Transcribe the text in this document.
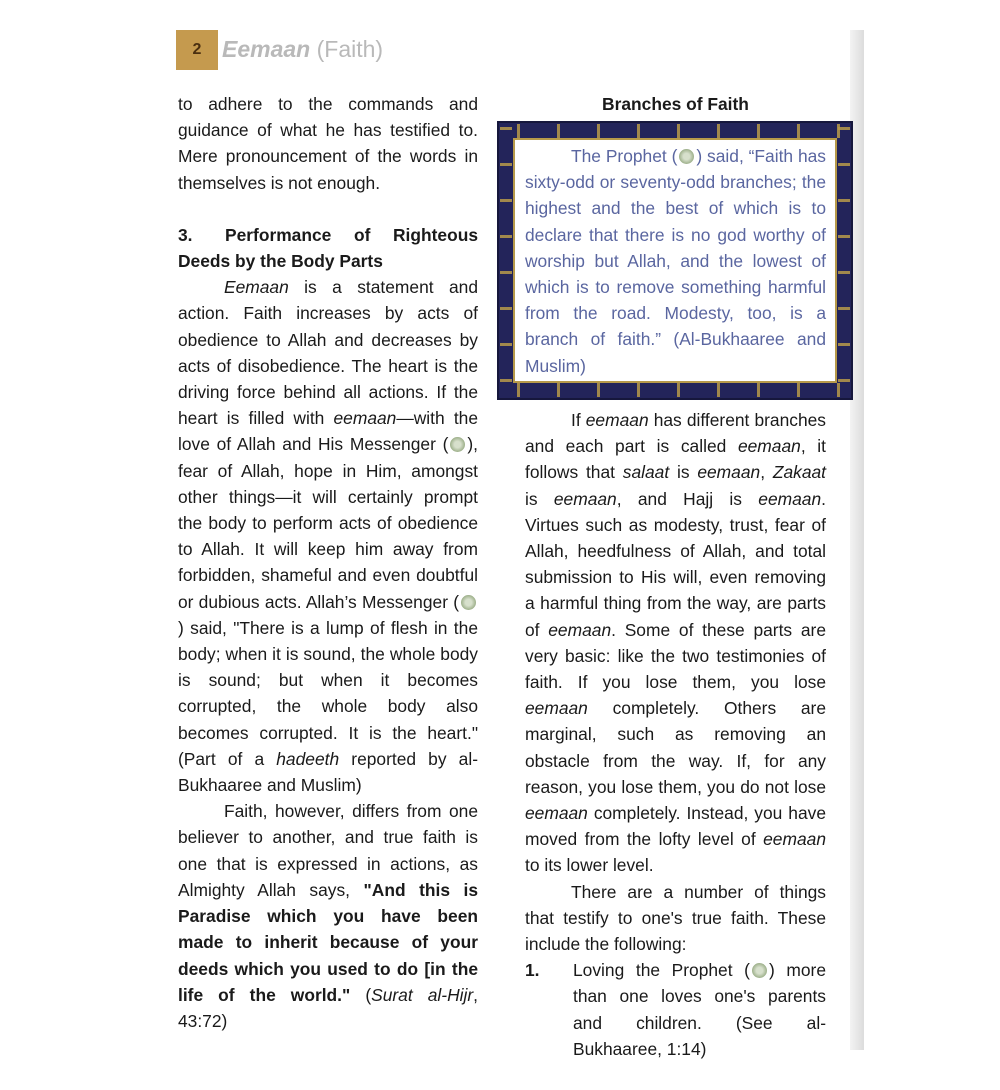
2 Eemaan (Faith)

to adhere to the commands and guidance of what he has testified to. Mere pronouncement of the words in themselves is not enough.

3. Performance of Righteous Deeds by the Body Parts

Eemaan is a statement and action. Faith increases by acts of obedience to Allah and decreases by acts of disobedience. The heart is the driving force behind all actions. If the heart is filled with eemaan—with the love of Allah and His Messenger ( ), fear of Allah, hope in Him, amongst other things—it will certainly prompt the body to perform acts of obedience to Allah. It will keep him away from forbidden, shameful and even doubtful or dubious acts. Allah’s Messenger () said, "There is a lump of flesh in the body; when it is sound, the whole body is sound; but when it becomes corrupted, the whole body also becomes corrupted. It is the heart." (Part of a hadeeth reported by al-Bukhaaree and Muslim)

Faith, however, differs from one believer to another, and true faith is one that is expressed in actions, as Almighty Allah says, "And this is Paradise which you have been made to inherit because of your deeds which you used to do [in the life of the world." (Surat al-Hijr, 43:72)

Branches of Faith

The Prophet ( ) said, “Faith has sixty-odd or seventy-odd branches; the highest and the best of which is to declare that there is no god worthy of worship but Allah, and the lowest of which is to remove something harmful from the road. Modesty, too, is a branch of faith.” (Al-Bukhaaree and Muslim)

If eemaan has different branches and each part is called eemaan, it follows that salaat is eemaan, Zakaat is eemaan, and Hajj is eemaan. Virtues such as modesty, trust, fear of Allah, heedfulness of Allah, and total submission to His will, even removing a harmful thing from the way, are parts of eemaan. Some of these parts are very basic: like the two testimonies of faith. If you lose them, you lose eemaan completely. Others are marginal, such as removing an obstacle from the way. If, for any reason, you lose them, you do not lose eemaan completely. Instead, you have moved from the lofty level of eemaan to its lower level.

There are a number of things that testify to one's true faith. These include the following:

1.	Loving the Prophet ( ) more than one loves one's parents and children. (See al-Bukhaaree, 1:14)
